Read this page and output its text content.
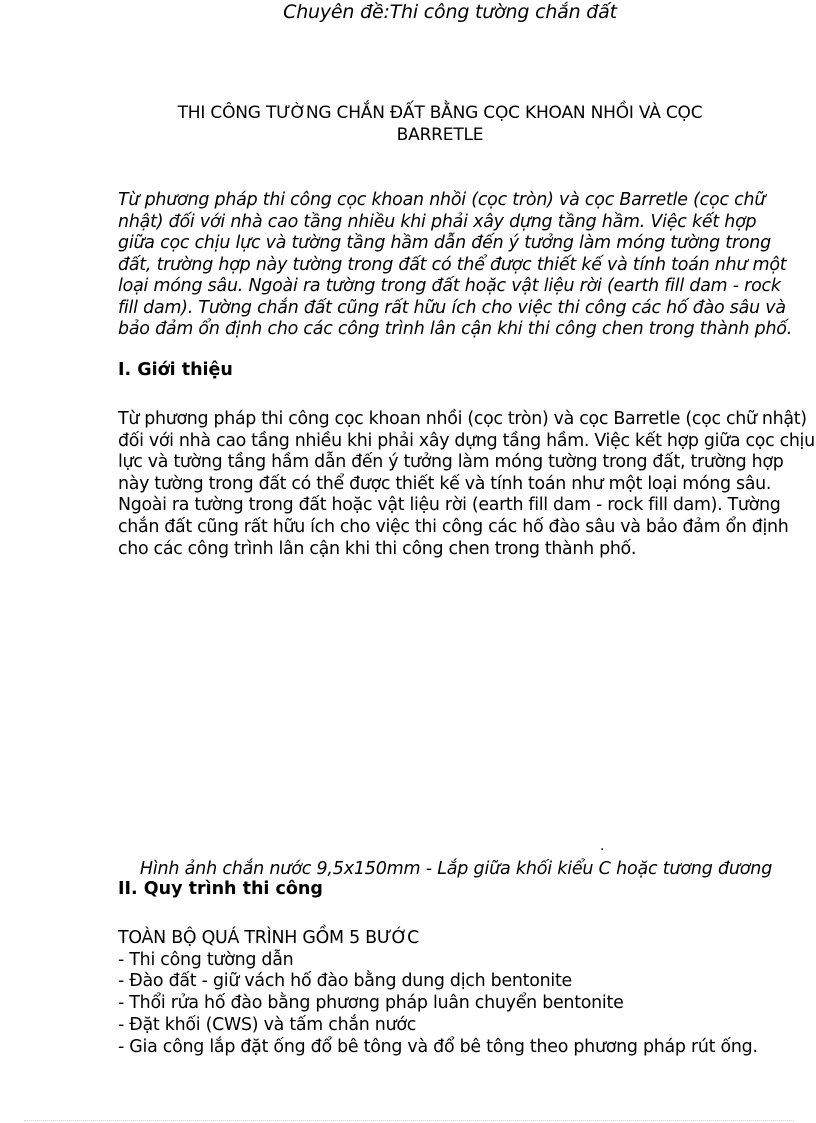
Chuyên đề:Thi công tường chắn đất
THI CÔNG TƯỜNG CHẮN ĐẤT BẰNG CỌC KHOAN NHỒI VÀ CỌC BARRETLE
Từ phương pháp thi công cọc khoan nhồi (cọc tròn) và cọc Barretle (cọc chữ nhật) đối với nhà cao tầng nhiều khi phải xây dựng tầng hầm. Việc kết hợp giữa cọc chịu lực và tường tầng hầm dẫn đến ý tưởng làm móng tường trong đất, trường hợp này tường trong đất có thể được thiết kế và tính toán như một loại móng sâu. Ngoài ra tường trong đất hoặc vật liệu rời (earth fill dam - rock fill dam). Tường chắn đất cũng rất hữu ích cho việc thi công các hố đào sâu và bảo đảm ổn định cho các công trình lân cận khi thi công chen trong thành phố.
I. Giới thiệu

Từ phương pháp thi công cọc khoan nhồi (cọc tròn) và cọc Barretle (cọc chữ nhật) đối với nhà cao tầng nhiều khi phải xây dựng tầng hầm. Việc kết hợp giữa cọc chịu lực và tường tầng hầm dẫn đến ý tưởng làm móng tường trong đất, trường hợp này tường trong đất có thể được thiết kế và tính toán như một loại móng sâu.

Ngoài ra tường trong đất hoặc vật liệu rời (earth fill dam - rock fill dam). Tường chắn đất cũng rất hữu ích cho việc thi công các hố đào sâu và bảo đảm ổn định cho các công trình lân cận khi thi công chen trong thành phố.

.
Hình ảnh chắn nước 9,5x150mm - Lắp giữa khối kiểu C hoặc tương đương
II. Quy trình thi công
TOÀN BỘ QUÁ TRÌNH GỒM 5 BƯỚC
- Thi công tường dẫn
- Đào đất - giữ vách hố đào bằng dung dịch bentonite
- Thổi rửa hố đào bằng phương pháp luân chuyển bentonite
- Đặt khối (CWS) và tấm chắn nước
- Gia công lắp đặt ống đổ bê tông và đổ bê tông theo phương pháp rút ống.
